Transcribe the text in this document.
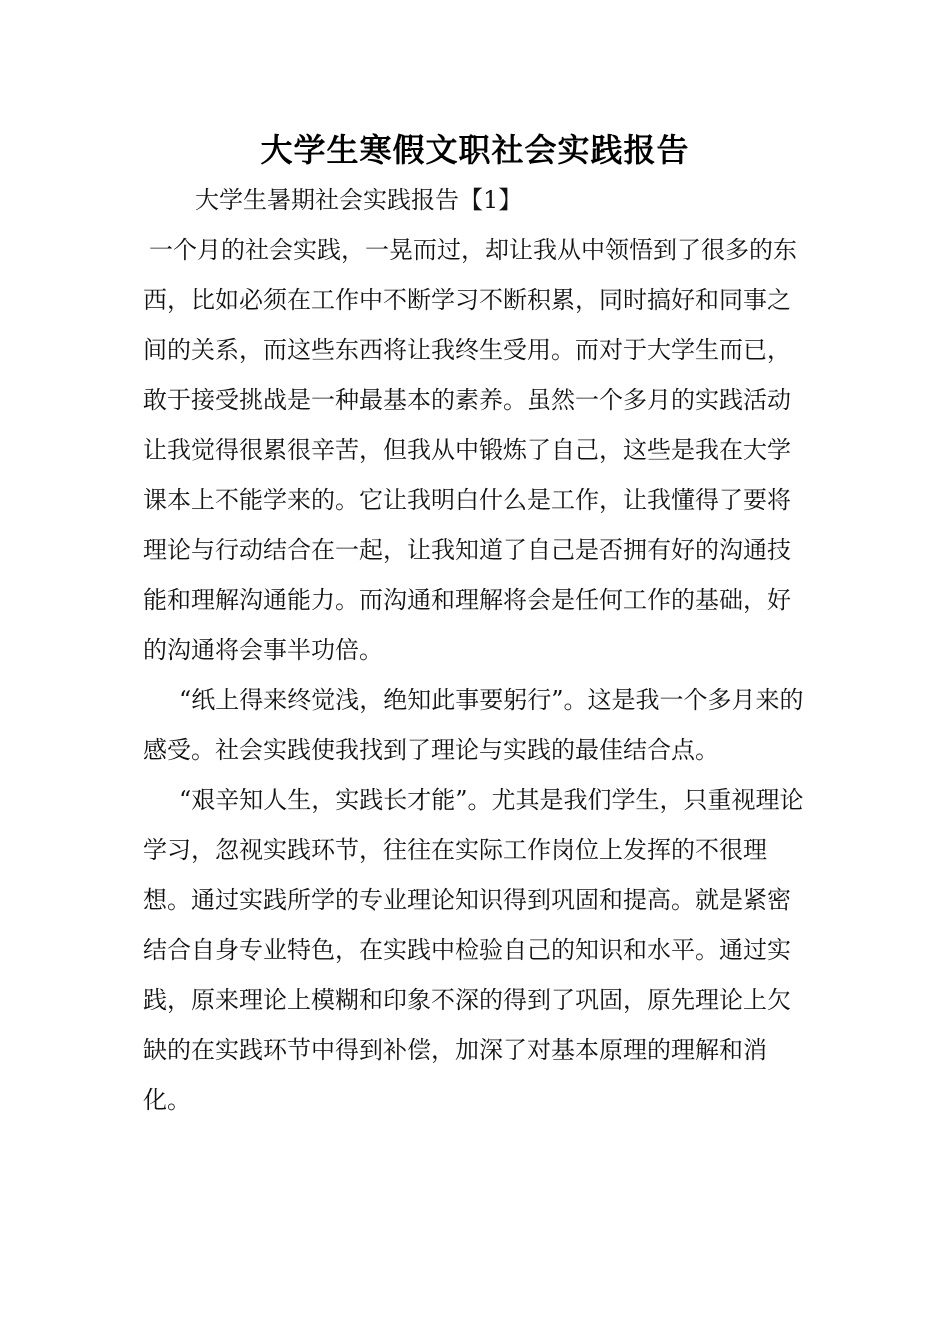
大学生寒假文职社会实践报告
大学生暑期社会实践报告【1】

一个月的社会实践，一晃而过，却让我从中领悟到了很多的东西，比如必须在工作中不断学习不断积累，同时搞好和同事之间的关系，而这些东西将让我终生受用。而对于大学生而已，敢于接受挑战是一种最基本的素养。虽然一个多月的实践活动让我觉得很累很辛苦，但我从中锻炼了自己，这些是我在大学课本上不能学来的。它让我明白什么是工作，让我懂得了要将理论与行动结合在一起，让我知道了自己是否拥有好的沟通技能和理解沟通能力。而沟通和理解将会是任何工作的基础，好的沟通将会事半功倍。

“纸上得来终觉浅，绝知此事要躬行”。这是我一个多月来的感受。社会实践使我找到了理论与实践的最佳结合点。

“艰辛知人生，实践长才能”。尤其是我们学生，只重视理论学习，忽视实践环节，往往在实际工作岗位上发挥的不很理想。通过实践所学的专业理论知识得到巩固和提高。就是紧密结合自身专业特色，在实践中检验自己的知识和水平。通过实践，原来理论上模糊和印象不深的得到了巩固，原先理论上欠缺的在实践环节中得到补偿，加深了对基本原理的理解和消化。
